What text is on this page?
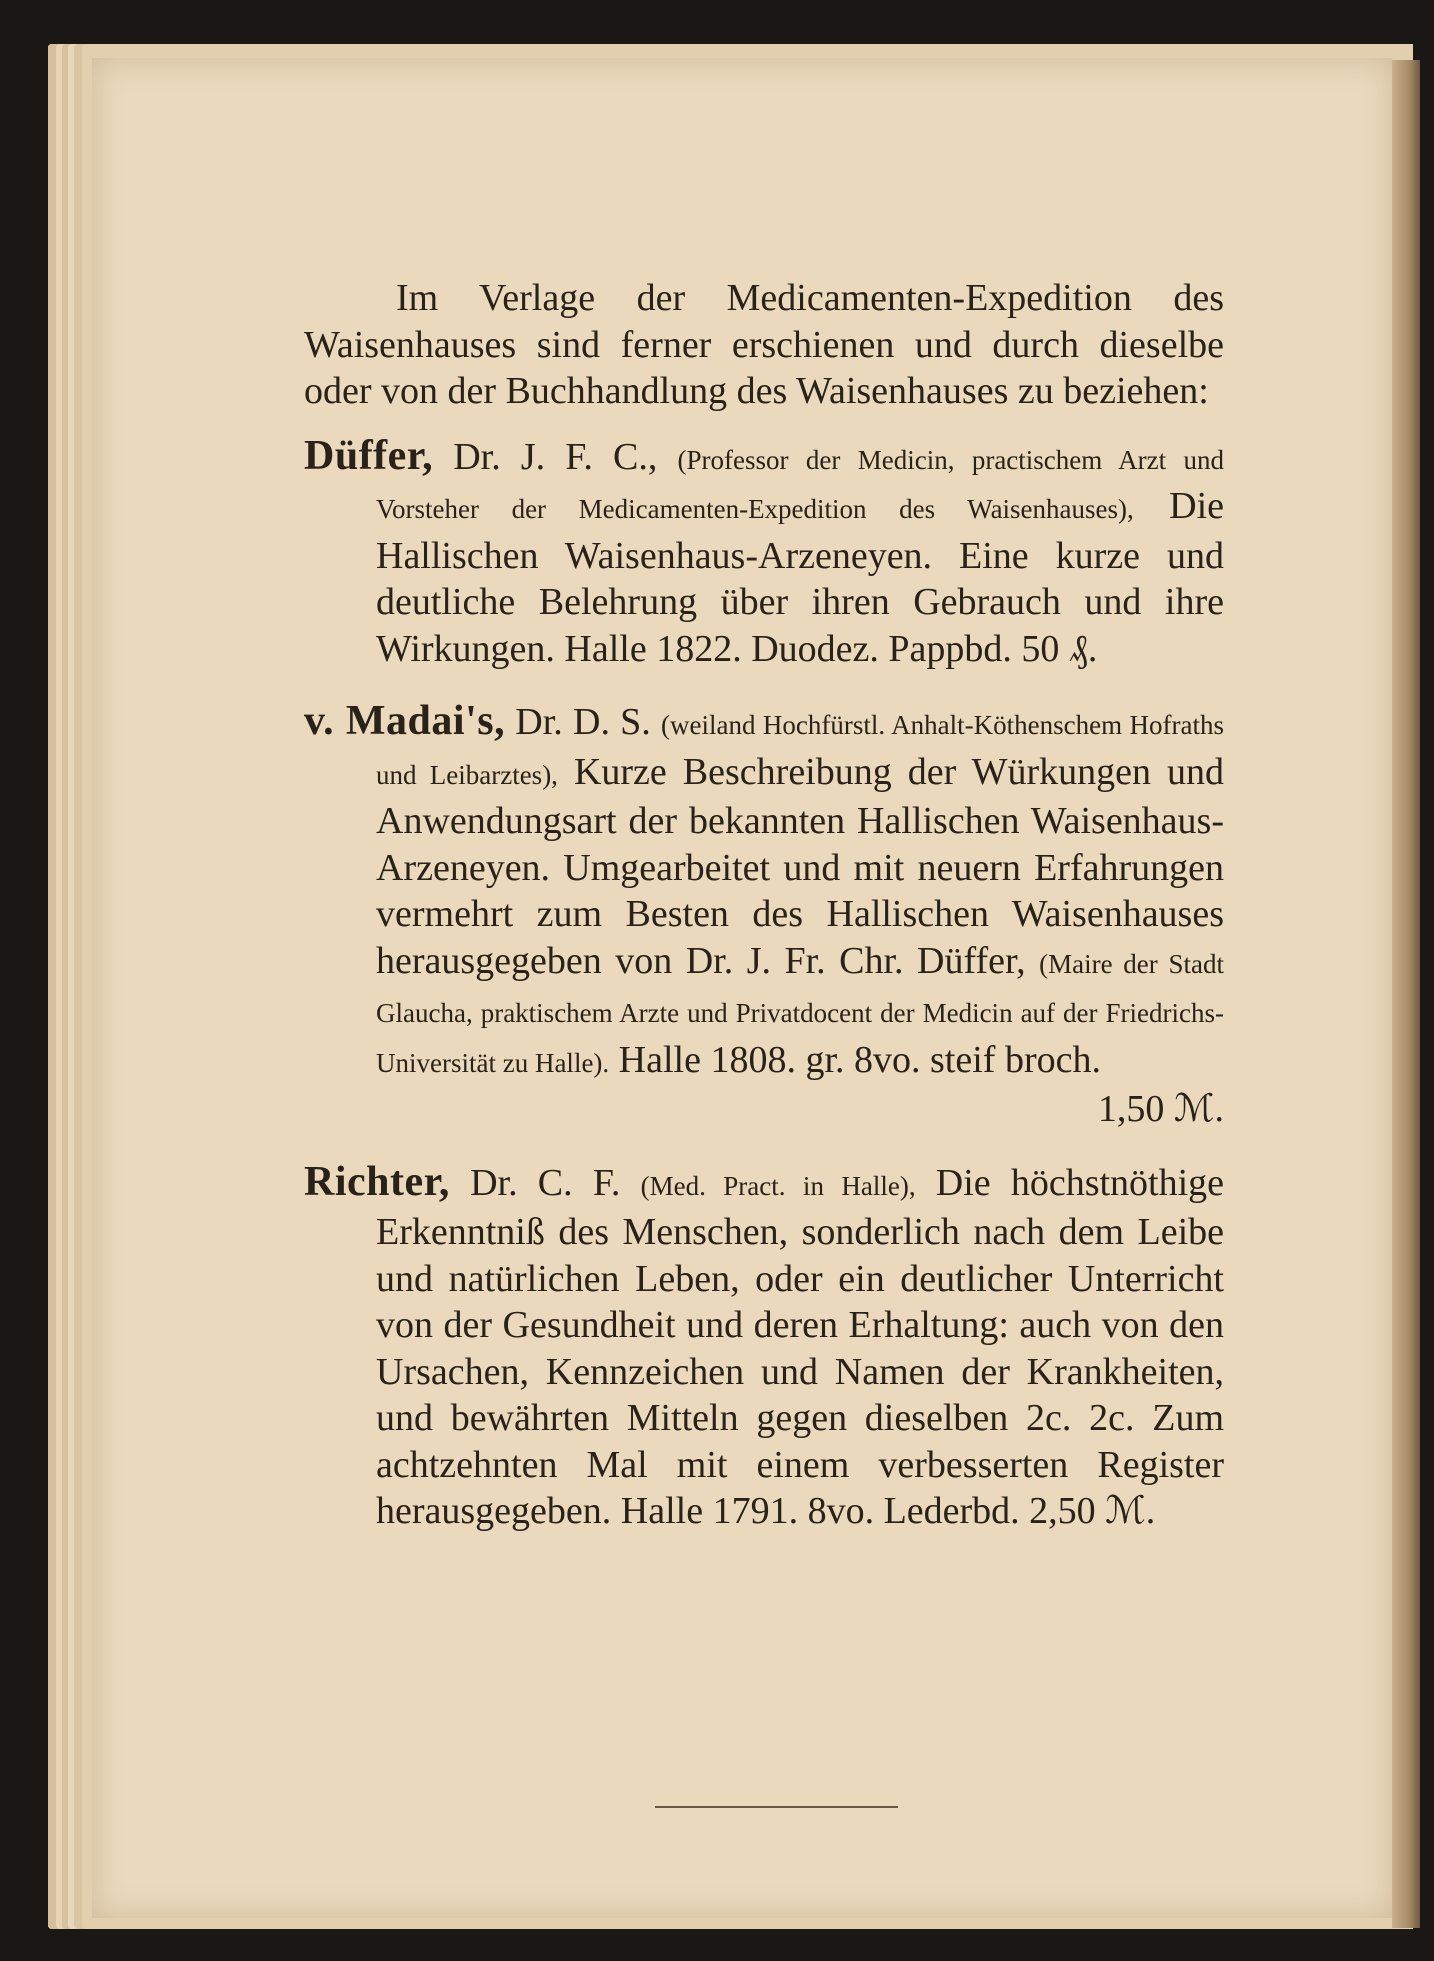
Im Verlage der Medicamenten-Expedition des Waisenhauses sind ferner erschienen und durch dieselbe oder von der Buchhandlung des Waisenhauses zu beziehen:

Düffer, Dr. J. F. C., (Professor der Medicin, practischem Arzt und Vorsteher der Medicamenten-Expedition des Waisenhauses), Die Hallischen Waisenhaus-Arzeneyen. Eine kurze und deutliche Belehrung über ihren Gebrauch und ihre Wirkungen. Halle 1822. Duodez. Pappbd. 50 ₰.

v. Madai's, Dr. D. S. (weiland Hochfürstl. Anhalt-Köthenschem Hofraths und Leibarztes), Kurze Beschreibung der Würkungen und Anwendungsart der bekannten Hallischen Waisenhaus-Arzeneyen. Umgearbeitet und mit neuern Erfahrungen vermehrt zum Besten des Hallischen Waisenhauses herausgegeben von Dr. J. Fr. Chr. Düffer, (Maire der Stadt Glaucha, praktischem Arzte und Privatdocent der Medicin auf der Friedrichs-Universität zu Halle). Halle 1808. gr. 8vo. steif broch.
1,50 ℳ.

Richter, Dr. C. F. (Med. Pract. in Halle), Die höchstnöthige Erkenntniß des Menschen, sonderlich nach dem Leibe und natürlichen Leben, oder ein deutlicher Unterricht von der Gesundheit und deren Erhaltung: auch von den Ursachen, Kennzeichen und Namen der Krankheiten, und bewährten Mitteln gegen dieselben 2c. 2c. Zum achtzehnten Mal mit einem verbesserten Register herausgegeben. Halle 1791. 8vo. Lederbd. 2,50 ℳ.
